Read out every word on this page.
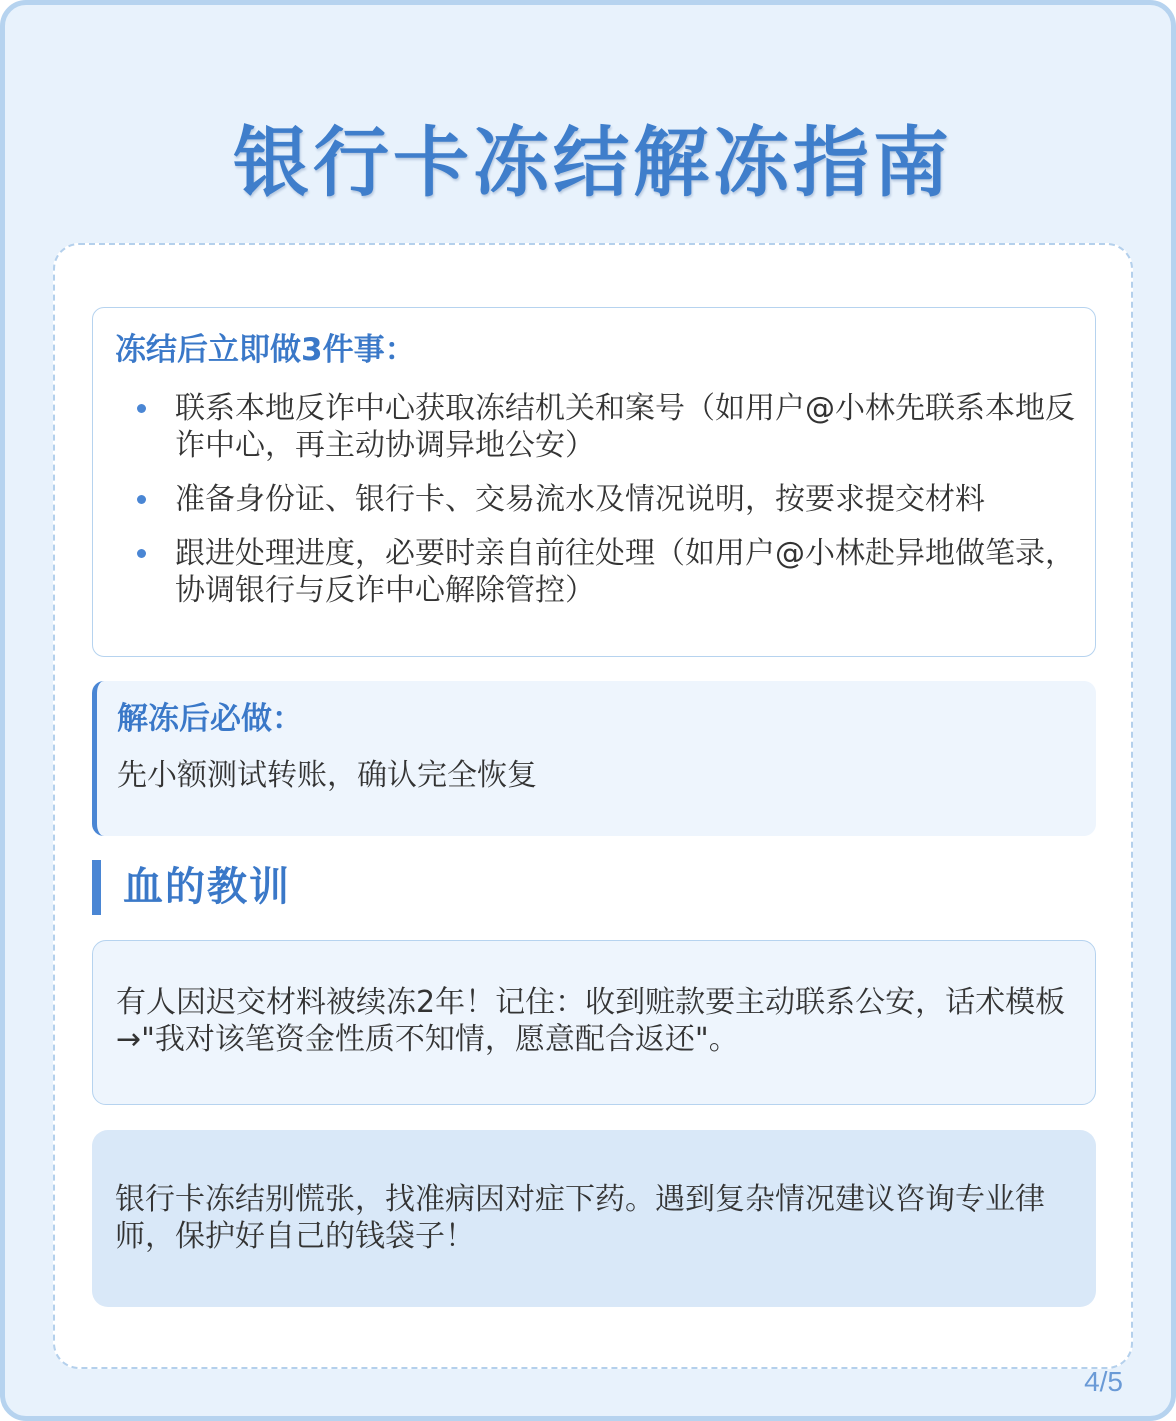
银行卡冻结解冻指南
冻结后立即做3件事：
联系本地反诈中心获取冻结机关和案号（如用户@小林先联系本地反诈中心，再主动协调异地公安）
准备身份证、银行卡、交易流水及情况说明，按要求提交材料
跟进处理进度，必要时亲自前往处理（如用户@小林赴异地做笔录，协调银行与反诈中心解除管控）
解冻后必做：
先小额测试转账，确认完全恢复
血的教训
有人因迟交材料被续冻2年！记住：收到赃款要主动联系公安，话术模板→"我对该笔资金性质不知情，愿意配合返还"。
银行卡冻结别慌张，找准病因对症下药。遇到复杂情况建议咨询专业律师，保护好自己的钱袋子！
4/5
